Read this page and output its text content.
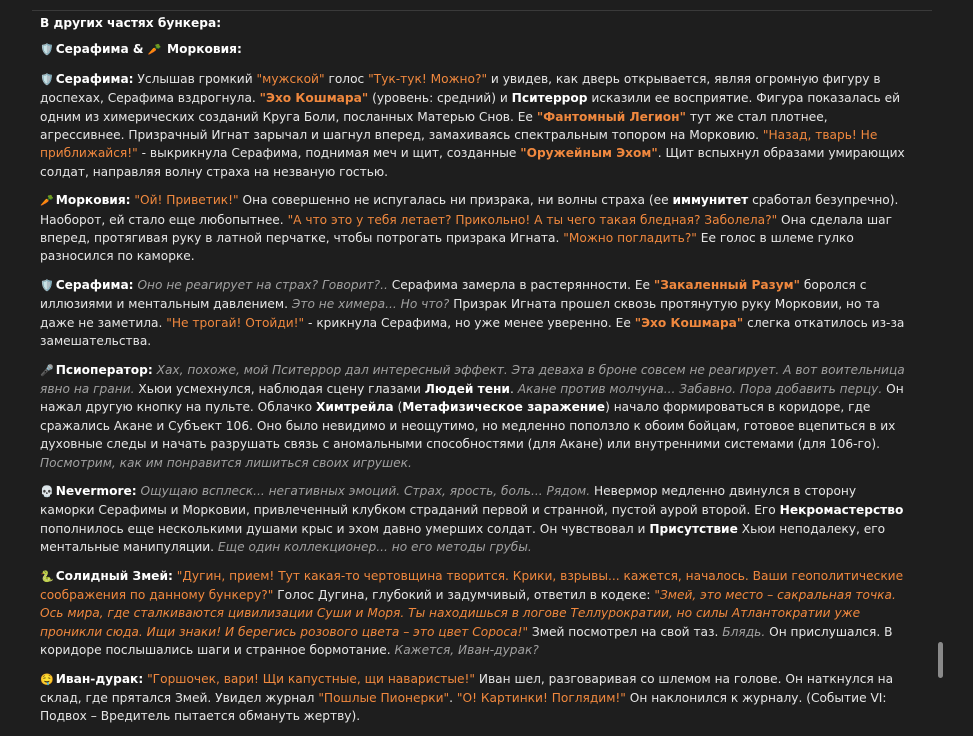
В других частях бункера:

🛡️ Серафима & 🥕 Морковия:

🛡️ Серафима: Услышав громкий "мужской" голос "Тук-тук! Можно?" и увидев, как дверь открывается, являя огромную фигуру в доспехах, Серафима вздрогнула. "Эхо Кошмара" (уровень: средний) и Пситеррор исказили ее восприятие. Фигура показалась ей одним из химерических созданий Круга Боли, посланных Матерью Снов. Ее "Фантомный Легион" тут же стал плотнее, агрессивнее. Призрачный Игнат зарычал и шагнул вперед, замахиваясь спектральным топором на Морковию. "Назад, тварь! Не приближайся!" - выкрикнула Серафима, поднимая меч и щит, созданные "Оружейным Эхом". Щит вспыхнул образами умирающих солдат, направляя волну страха на незваную гостью.

🥕 Морковия: "Ой! Приветик!" Она совершенно не испугалась ни призрака, ни волны страха (ее иммунитет сработал безупречно). Наоборот, ей стало еще любопытнее. "А что это у тебя летает? Прикольно! А ты чего такая бледная? Заболела?" Она сделала шаг вперед, протягивая руку в латной перчатке, чтобы потрогать призрака Игната. "Можно погладить?" Ее голос в шлеме гулко разносился по каморке.

🛡️ Серафима: Оно не реагирует на страх? Говорит?.. Серафима замерла в растерянности. Ее "Закаленный Разум" боролся с иллюзиями и ментальным давлением. Это не химера... Но что? Призрак Игната прошел сквозь протянутую руку Морковии, но та даже не заметила. "Не трогай! Отойди!" - крикнула Серафима, но уже менее уверенно. Ее "Эхо Кошмара" слегка откатилось из-за замешательства.

🎤 Псиоператор: Хах, похоже, мой Пситеррор дал интересный эффект. Эта деваха в броне совсем не реагирует. А вот воительница явно на грани. Хьюи усмехнулся, наблюдая сцену глазами Людей тени. Акане против молчуна... Забавно. Пора добавить перцу. Он нажал другую кнопку на пульте. Облачко Химтрейла (Метафизическое заражение) начало формироваться в коридоре, где сражались Акане и Субъект 106. Оно было невидимо и неощутимо, но медленно поползло к обоим бойцам, готовое вцепиться в их духовные следы и начать разрушать связь с аномальными способностями (для Акане) или внутренними системами (для 106-го). Посмотрим, как им понравится лишиться своих игрушек.

💀 Nevermore: Ощущаю всплеск... негативных эмоций. Страх, ярость, боль... Рядом. Невермор медленно двинулся в сторону каморки Серафимы и Морковии, привлеченный клубком страданий первой и странной, пустой аурой второй. Его Некромастерство пополнилось еще несколькими душами крыс и эхом давно умерших солдат. Он чувствовал и Присутствие Хьюи неподалеку, его ментальные манипуляции. Еще один коллекционер... но его методы грубы.

🐍 Солидный Змей: "Дугин, прием! Тут какая-то чертовщина творится. Крики, взрывы... кажется, началось. Ваши геополитические соображения по данному бункеру?" Голос Дугина, глубокий и задумчивый, ответил в кодеке: "Змей, это место – сакральная точка. Ось мира, где сталкиваются цивилизации Суши и Моря. Ты находишься в логове Теллурократии, но силы Атлантократии уже проникли сюда. Ищи знаки! И берегись розового цвета – это цвет Сороса!" Змей посмотрел на свой таз. Блядь. Он прислушался. В коридоре послышались шаги и странное бормотание. Кажется, Иван-дурак?

🤤 Иван-дурак: "Горшочек, вари! Щи капустные, щи наваристые!" Иван шел, разговаривая со шлемом на голове. Он наткнулся на склад, где прятался Змей. Увидел журнал "Пошлые Пионерки". "О! Картинки! Поглядим!" Он наклонился к журналу. (Событие VI: Подвох – Вредитель пытается обмануть жертву).
